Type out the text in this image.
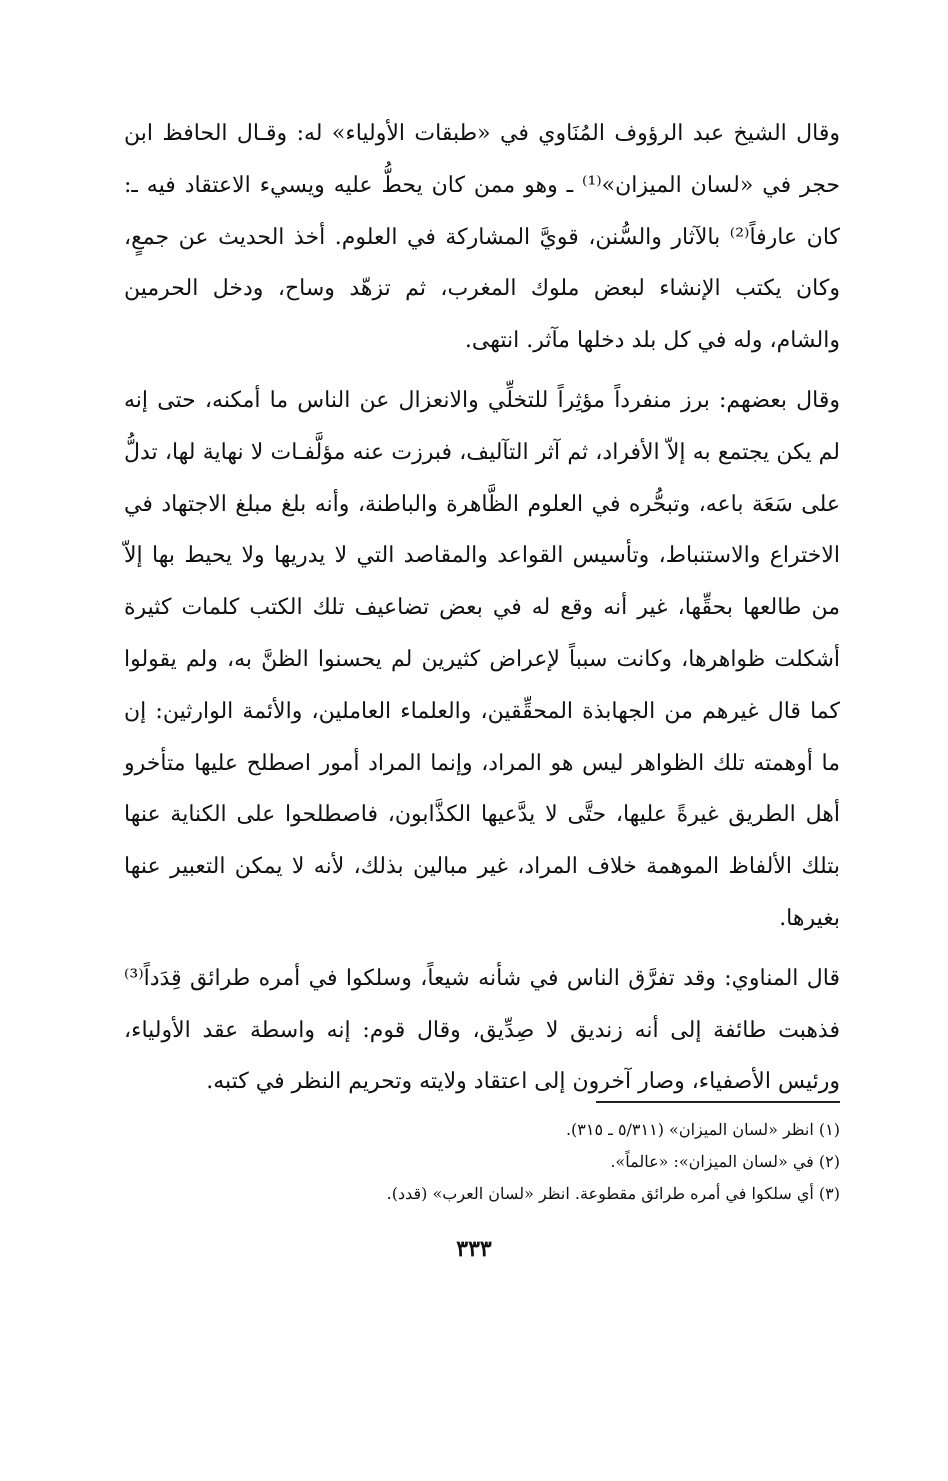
وقال الشيخ عبد الرؤوف المُنَاوي في «طبقات الأولياء» له: وقـال الحافظ ابن حجر في «لسان الميزان»⁽¹⁾ ـ وهو ممن كان يحطُّ عليه ويسيء الاعتقاد فيه ـ: كان عارفاً⁽²⁾ بالآثار والسُّنن، قويَّ المشاركة في العلوم. أخذ الحديث عن جمعٍ، وكان يكتب الإنشاء لبعض ملوك المغرب، ثم تزهّد وساح، ودخل الحرمين والشام، وله في كل بلد دخلها مآثر. انتهى.

وقال بعضهم: برز منفرداً مؤثِراً للتخلِّي والانعزال عن الناس ما أمكنه، حتى إنه لم يكن يجتمع به إلاّ الأفراد، ثم آثر التآليف، فبرزت عنه مؤلَّفـات لا نهاية لها، تدلُّ على سَعَة باعه، وتبحُّره في العلوم الظَّاهرة والباطنة، وأنه بلغ مبلغ الاجتهاد في الاختراع والاستنباط، وتأسيس القواعد والمقاصد التي لا يدريها ولا يحيط بها إلاّ من طالعها بحقِّها، غير أنه وقع له في بعض تضاعيف تلك الكتب كلمات كثيرة أشكلت ظواهرها، وكانت سبباً لإعراض كثيرين لم يحسنوا الظنَّ به، ولم يقولوا كما قال غيرهم من الجهابذة المحقِّقين، والعلماء العاملين، والأئمة الوارثين: إن ما أوهمته تلك الظواهر ليس هو المراد، وإنما المراد أمور اصطلح عليها متأخرو أهل الطريق غيرةً عليها، حتَّى لا يدَّعيها الكذَّابون، فاصطلحوا على الكناية عنها بتلك الألفاظ الموهمة خلاف المراد، غير مبالين بذلك، لأنه لا يمكن التعبير عنها بغيرها.

قال المناوي: وقد تفرَّق الناس في شأنه شيعاً، وسلكوا في أمره طرائق قِدَداً⁽³⁾ فذهبت طائفة إلى أنه زنديق لا صِدِّيق، وقال قوم: إنه واسطة عقد الأولياء، ورئيس الأصفياء، وصار آخرون إلى اعتقاد ولايته وتحريم النظر في كتبه.

(١) انظر «لسان الميزان» (٥/٣١١ ـ ٣١٥).

(٢) في «لسان الميزان»: «عالماً».

(٣) أي سلكوا في أمره طرائق مقطوعة. انظر «لسان العرب» (قدد).

٣٣٣
